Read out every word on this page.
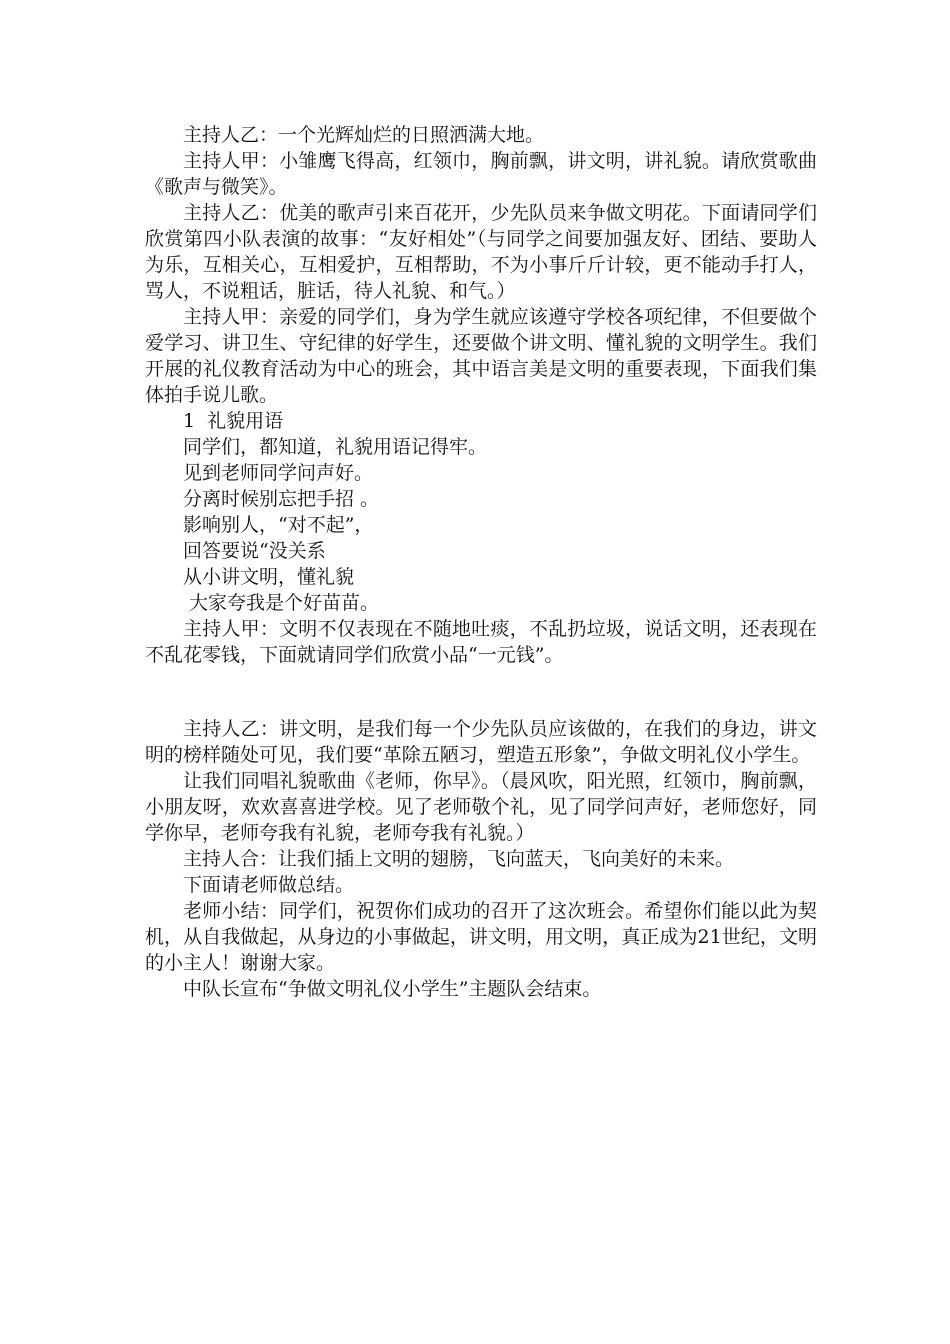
主持人乙：一个光辉灿烂的日照洒满大地。

主持人甲：小雏鹰飞得高，红领巾，胸前飘，讲文明，讲礼貌。请欣赏歌曲《歌声与微笑》。

主持人乙：优美的歌声引来百花开，少先队员来争做文明花。下面请同学们欣赏第四小队表演的故事：“友好相处”（与同学之间要加强友好、团结、要助人为乐，互相关心，互相爱护，互相帮助，不为小事斤斤计较，更不能动手打人，骂人，不说粗话，脏话，待人礼貌、和气。）

主持人甲：亲爱的同学们，身为学生就应该遵守学校各项纪律，不但要做个爱学习、讲卫生、守纪律的好学生，还要做个讲文明、懂礼貌的文明学生。我们开展的礼仪教育活动为中心的班会，其中语言美是文明的重要表现，下面我们集体拍手说儿歌。

1  礼貌用语

同学们，都知道，礼貌用语记得牢。

见到老师同学问声好。

分离时候别忘把手招 。

影响别人，“对不起”，

回答要说“没关系

从小讲文明，懂礼貌

大家夸我是个好苗苗。

主持人甲：文明不仅表现在不随地吐痰，不乱扔垃圾，说话文明，还表现在不乱花零钱，下面就请同学们欣赏小品“一元钱”。

主持人乙：讲文明，是我们每一个少先队员应该做的，在我们的身边，讲文明的榜样随处可见，我们要“革除五陋习，塑造五形象”，争做文明礼仪小学生。

让我们同唱礼貌歌曲《老师，你早》。（晨风吹，阳光照，红领巾，胸前飘，小朋友呀，欢欢喜喜进学校。见了老师敬个礼，见了同学问声好，老师您好，同学你早，老师夸我有礼貌，老师夸我有礼貌。）

主持人合：让我们插上文明的翅膀，飞向蓝天，飞向美好的未来。

下面请老师做总结。

老师小结：同学们，祝贺你们成功的召开了这次班会。希望你们能以此为契机，从自我做起，从身边的小事做起，讲文明，用文明，真正成为21世纪，文明的小主人！谢谢大家。

中队长宣布“争做文明礼仪小学生”主题队会结束。
